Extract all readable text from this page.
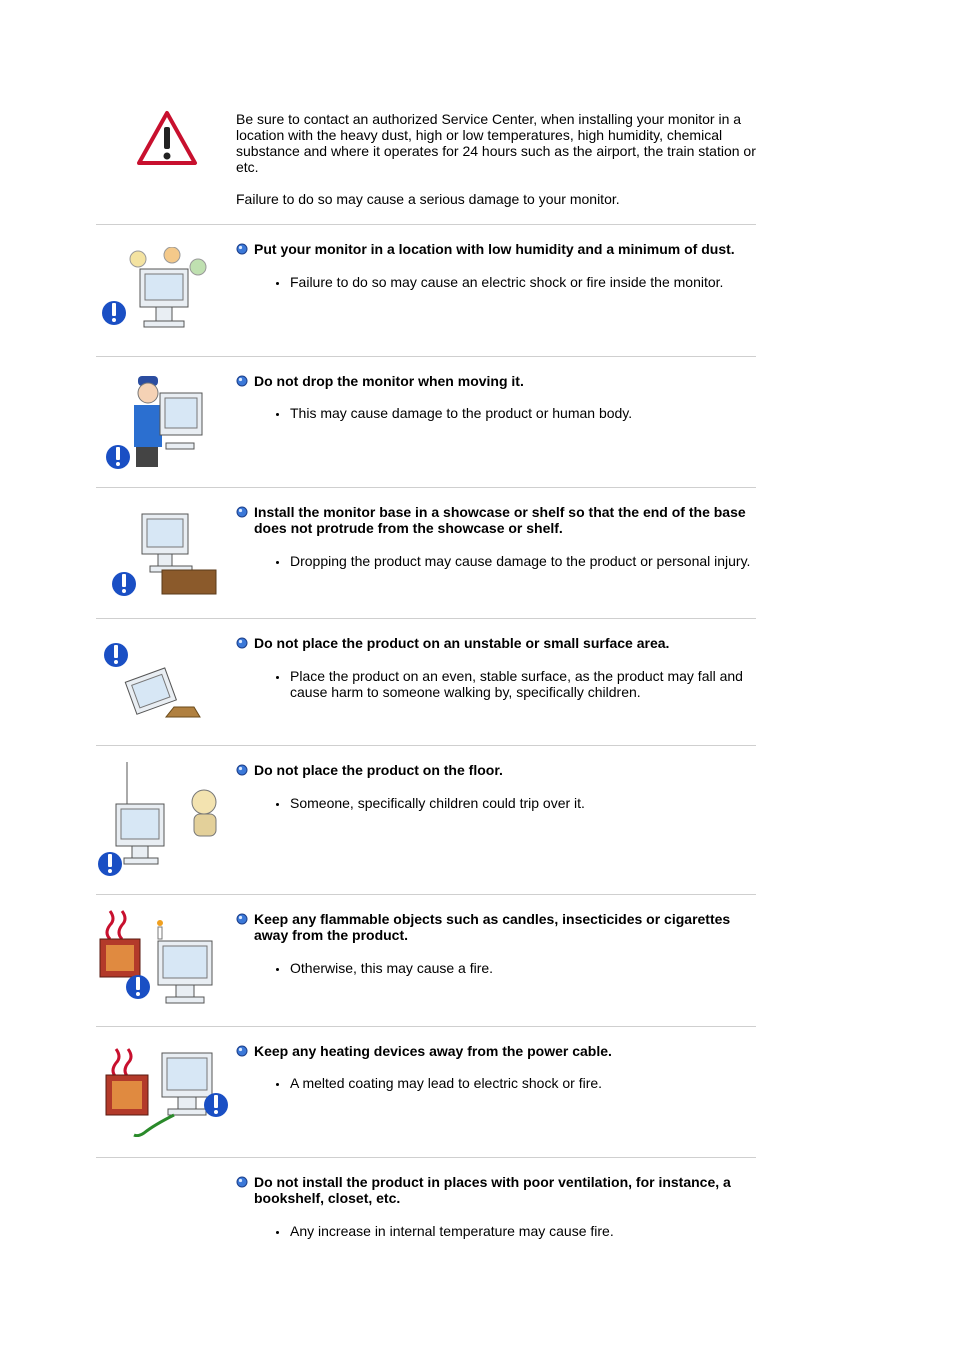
Be sure to contact an authorized Service Center, when installing your monitor in a location with the heavy dust, high or low temperatures, high humidity, chemical substance and where it operates for 24 hours such as the airport, the train station or etc.

Failure to do so may cause a serious damage to your monitor.

Put your monitor in a location with low humidity and a minimum of dust.
Failure to do so may cause an electric shock or fire inside the monitor.
Do not drop the monitor when moving it.
This may cause damage to the product or human body.
Install the monitor base in a showcase or shelf so that the end of the base does not protrude from the showcase or shelf.
Dropping the product may cause damage to the product or personal injury.
Do not place the product on an unstable or small surface area.
Place the product on an even, stable surface, as the product may fall and cause harm to someone walking by, specifically children.
Do not place the product on the floor.
Someone, specifically children could trip over it.
Keep any flammable objects such as candles, insecticides or cigarettes away from the product.
Otherwise, this may cause a fire.
Keep any heating devices away from the power cable.
A melted coating may lead to electric shock or fire.
Do not install the product in places with poor ventilation, for instance, a bookshelf, closet, etc.
Any increase in internal temperature may cause fire.
